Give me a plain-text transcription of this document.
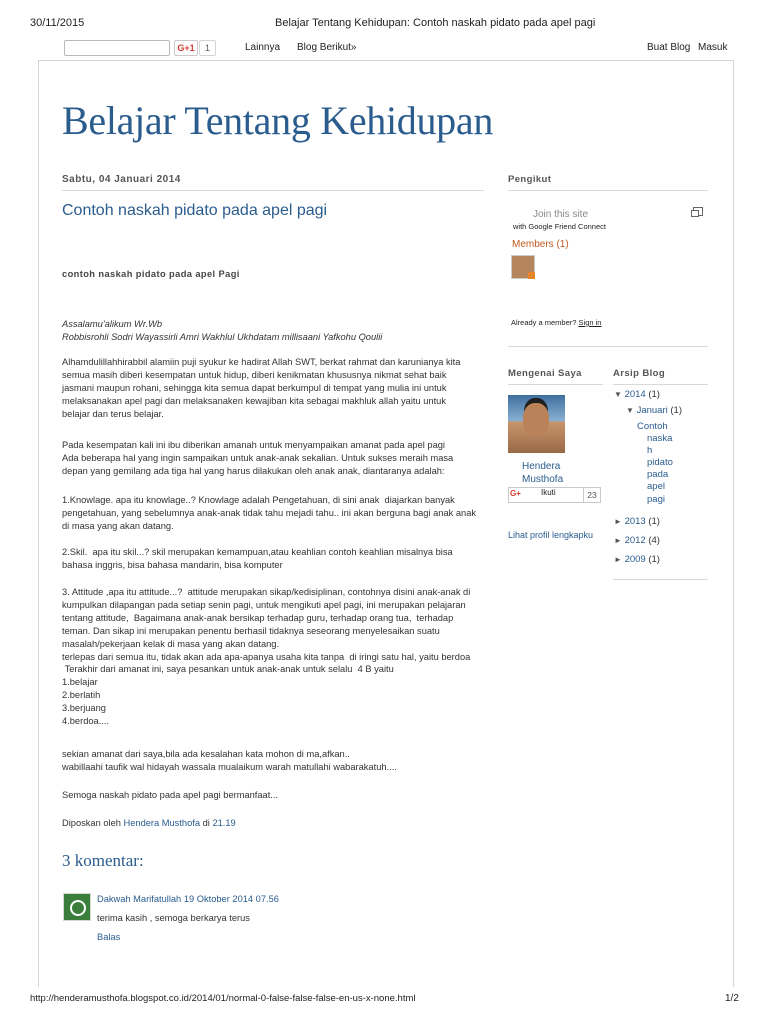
30/11/2015	Belajar Tentang Kehidupan: Contoh naskah pidato pada apel pagi
G+1	1	Lainnya Blog Berikut»	Buat Blog Masuk
Belajar Tentang Kehidupan
Sabtu, 04 Januari 2014
Contoh naskah pidato pada apel pagi
contoh naskah pidato pada apel Pagi
Assalamu'alikum Wr.Wb
Robbisrohli Sodri Wayassirli Amri Wakhlul Ukhdatam millisaani Yafkohu Qoulii
Alhamdulillahhirabbil alamiin puji syukur ke hadirat Allah SWT, berkat rahmat dan karunianya kita
semua masih diberi kesempatan untuk hidup, diberi kenikmatan khususnya nikmat sehat baik
jasmani maupun rohani, sehingga kita semua dapat berkumpul di tempat yang mulia ini untuk
melaksanakan apel pagi dan melaksanaken kewajiban kita sebagai makhluk allah yaitu untuk
belajar dan terus belajar.
Pada kesempatan kali ini ibu diberikan amanah untuk menyampaikan amanat pada apel pagi
Ada beberapa hal yang ingin sampaikan untuk anak-anak sekalian. Untuk sukses meraih masa
depan yang gemilang ada tiga hal yang harus dilakukan oleh anak anak, diantaranya adalah:
1.Knowlage. apa itu knowlage..? Knowlage adalah Pengetahuan, di sini anak  diajarkan banyak
pengetahuan, yang sebelumnya anak-anak tidak tahu mejadi tahu.. ini akan berguna bagi anak anak
di masa yang akan datang.
2.Skil.  apa itu skil...? skil merupakan kemampuan,atau keahlian contoh keahlian misalnya bisa
bahasa inggris, bisa bahasa mandarin, bisa komputer
3. Attitude ,apa itu attitude...?  attitude merupakan sikap/kedisiplinan, contohnya disini anak-anak di
kumpulkan dilapangan pada setiap senin pagi, untuk mengikuti apel pagi, ini merupakan pelajaran
tentang attitude,  Bagaimana anak-anak bersikap terhadap guru, terhadap orang tua,  terhadap
teman. Dan sikap ini merupakan penentu berhasil tidaknya seseorang menyelesaikan suatu
masalah/pekerjaan kelak di masa yang akan datang.
terlepas dari semua itu, tidak akan ada apa-apanya usaha kita tanpa  di iringi satu hal, yaitu berdoa
Terakhir dari amanat ini, saya pesankan untuk anak-anak untuk selalu  4 B yaitu
1.belajar
2.berlatih
3.berjuang
4.berdoa....
sekian amanat dari saya,bila ada kesalahan kata mohon di ma,afkan..
wabillaahi taufik wal hidayah wassala mualaikum warah matullahi wabarakatuh....
Semoga naskah pidato pada apel pagi bermanfaat...
Diposkan oleh Hendera Musthofa di 21.19
3 komentar:
Dakwah Marifatullah 19 Oktober 2014 07.56
terima kasih , semoga berkarya terus
Balas
Pengikut
Join this site
with Google Friend Connect
Members (1)
Already a member? Sign in
Mengenai Saya
Hendera
Musthofa
G+	Ikuti	23
Lihat profil lengkapku
Arsip Blog
▼ 2014 (1)
▼ Januari (1)
Contoh
naska
h
pidato
pada
apel
pagi
► 2013 (1)
► 2012 (4)
► 2009 (1)
http://henderamusthofa.blogspot.co.id/2014/01/normal-0-false-false-false-en-us-x-none.html	1/2
